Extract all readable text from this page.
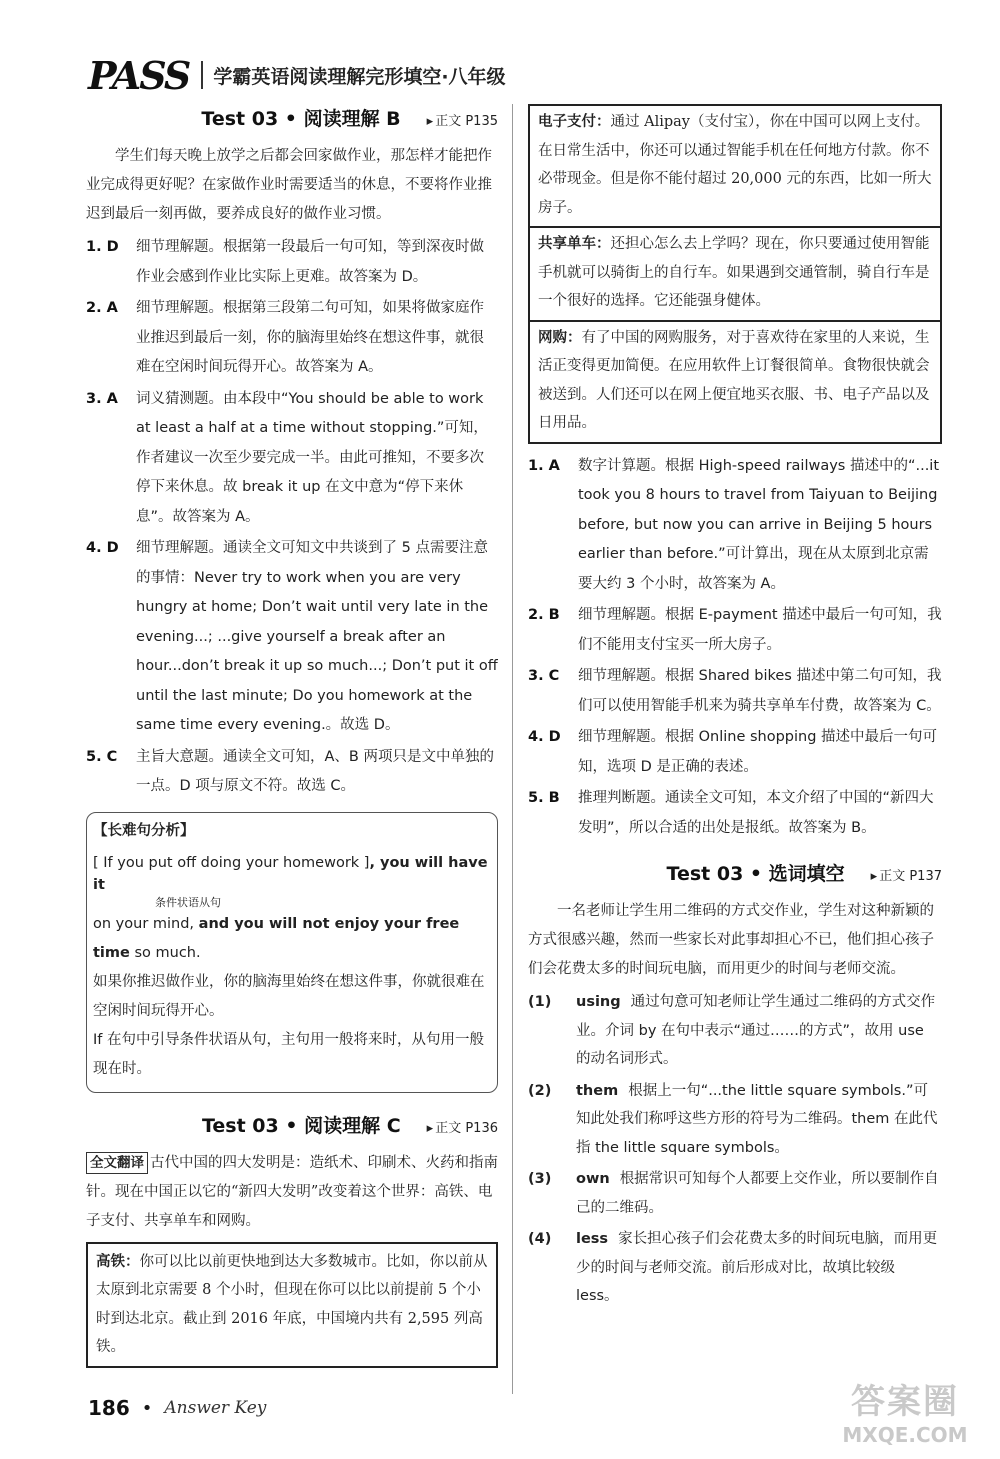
PASS 学霸英语阅读理解完形填空·八年级
Test 03 • 阅读理解 B	▸ 正文 P135

学生们每天晚上放学之后都会回家做作业，那怎样才能把作业完成得更好呢？在家做作业时需要适当的休息，不要将作业推迟到最后一刻再做，要养成良好的做作业习惯。

1. D	细节理解题。根据第一段最后一句可知，等到深夜时做作业会感到作业比实际上更难。故答案为 D。
2. A	细节理解题。根据第三段第二句可知，如果将做家庭作业推迟到最后一刻，你的脑海里始终在想这件事，就很难在空闲时间玩得开心。故答案为 A。
3. A	词义猜测题。由本段中“You should be able to work at least a half at a time without stopping.”可知，作者建议一次至少要完成一半。由此可推知，不要多次停下来休息。故 break it up 在文中意为“停下来休息”。故答案为 A。
4. D	细节理解题。通读全文可知文中共谈到了 5 点需要注意的事情：Never try to work when you are very hungry at home; Don’t wait until very late in the evening...; ...give yourself a break after an hour...don’t break it up so much...; Don’t put it off until the last minute; Do you homework at the same time every evening.。故选 D。
5. C	主旨大意题。通读全文可知，A、B 两项只是文中单独的一点。D 项与原文不符。故选 C。
【长难句分析】
[ If you put off doing your homework ], you will have it
条件状语从句
on your mind, and you will not enjoy your free time so much.
如果你推迟做作业，你的脑海里始终在想这件事，你就很难在空闲时间玩得开心。
If 在句中引导条件状语从句，主句用一般将来时，从句用一般现在时。
Test 03 • 阅读理解 C	▸ 正文 P136
全文翻译 古代中国的四大发明是：造纸术、印刷术、火药和指南针。现在中国正以它的“新四大发明”改变着这个世界：高铁、电子支付、共享单车和网购。
高铁：你可以比以前更快地到达大多数城市。比如，你以前从太原到北京需要 8 个小时，但现在你可以比以前提前 5 个小时到达北京。截止到 2016 年底，中国境内共有 2,595 列高铁。
电子支付：通过 Alipay（支付宝），你在中国可以网上支付。在日常生活中，你还可以通过智能手机在任何地方付款。你不必带现金。但是你不能付超过 20,000 元的东西，比如一所大房子。
共享单车：还担心怎么去上学吗？现在，你只要通过使用智能手机就可以骑街上的自行车。如果遇到交通管制，骑自行车是一个很好的选择。它还能强身健体。
网购：有了中国的网购服务，对于喜欢待在家里的人来说，生活正变得更加简便。在应用软件上订餐很简单。食物很快就会被送到。人们还可以在网上便宜地买衣服、书、电子产品以及日用品。
1. A	数字计算题。根据 High-speed railways 描述中的“...it took you 8 hours to travel from Taiyuan to Beijing before, but now you can arrive in Beijing 5 hours earlier than before.”可计算出，现在从太原到北京需要大约 3 个小时，故答案为 A。
2. B	细节理解题。根据 E-payment 描述中最后一句可知，我们不能用支付宝买一所大房子。
3. C	细节理解题。根据 Shared bikes 描述中第二句可知，我们可以使用智能手机来为骑共享单车付费，故答案为 C。
4. D	细节理解题。根据 Online shopping 描述中最后一句可知，选项 D 是正确的表述。
5. B	推理判断题。通读全文可知，本文介绍了中国的“新四大发明”，所以合适的出处是报纸。故答案为 B。
Test 03 • 选词填空	▸ 正文 P137

一名老师让学生用二维码的方式交作业，学生对这种新颖的方式很感兴趣，然而一些家长对此事却担心不已，他们担心孩子们会花费太多的时间玩电脑，而用更少的时间与老师交流。

(1)	using 通过句意可知老师让学生通过二维码的方式交作业。介词 by 在句中表示“通过……的方式”，故用 use 的动名词形式。
(2)	them 根据上一句“...the little square symbols.”可知此处我们称呼这些方形的符号为二维码。them 在此代指 the little square symbols。
(3)	own 根据常识可知每个人都要上交作业，所以要制作自己的二维码。
(4)	less 家长担心孩子们会花费太多的时间玩电脑，而用更少的时间与老师交流。前后形成对比，故填比较级 less。
186 • Answer Key	答案圈
MXQE.COM
